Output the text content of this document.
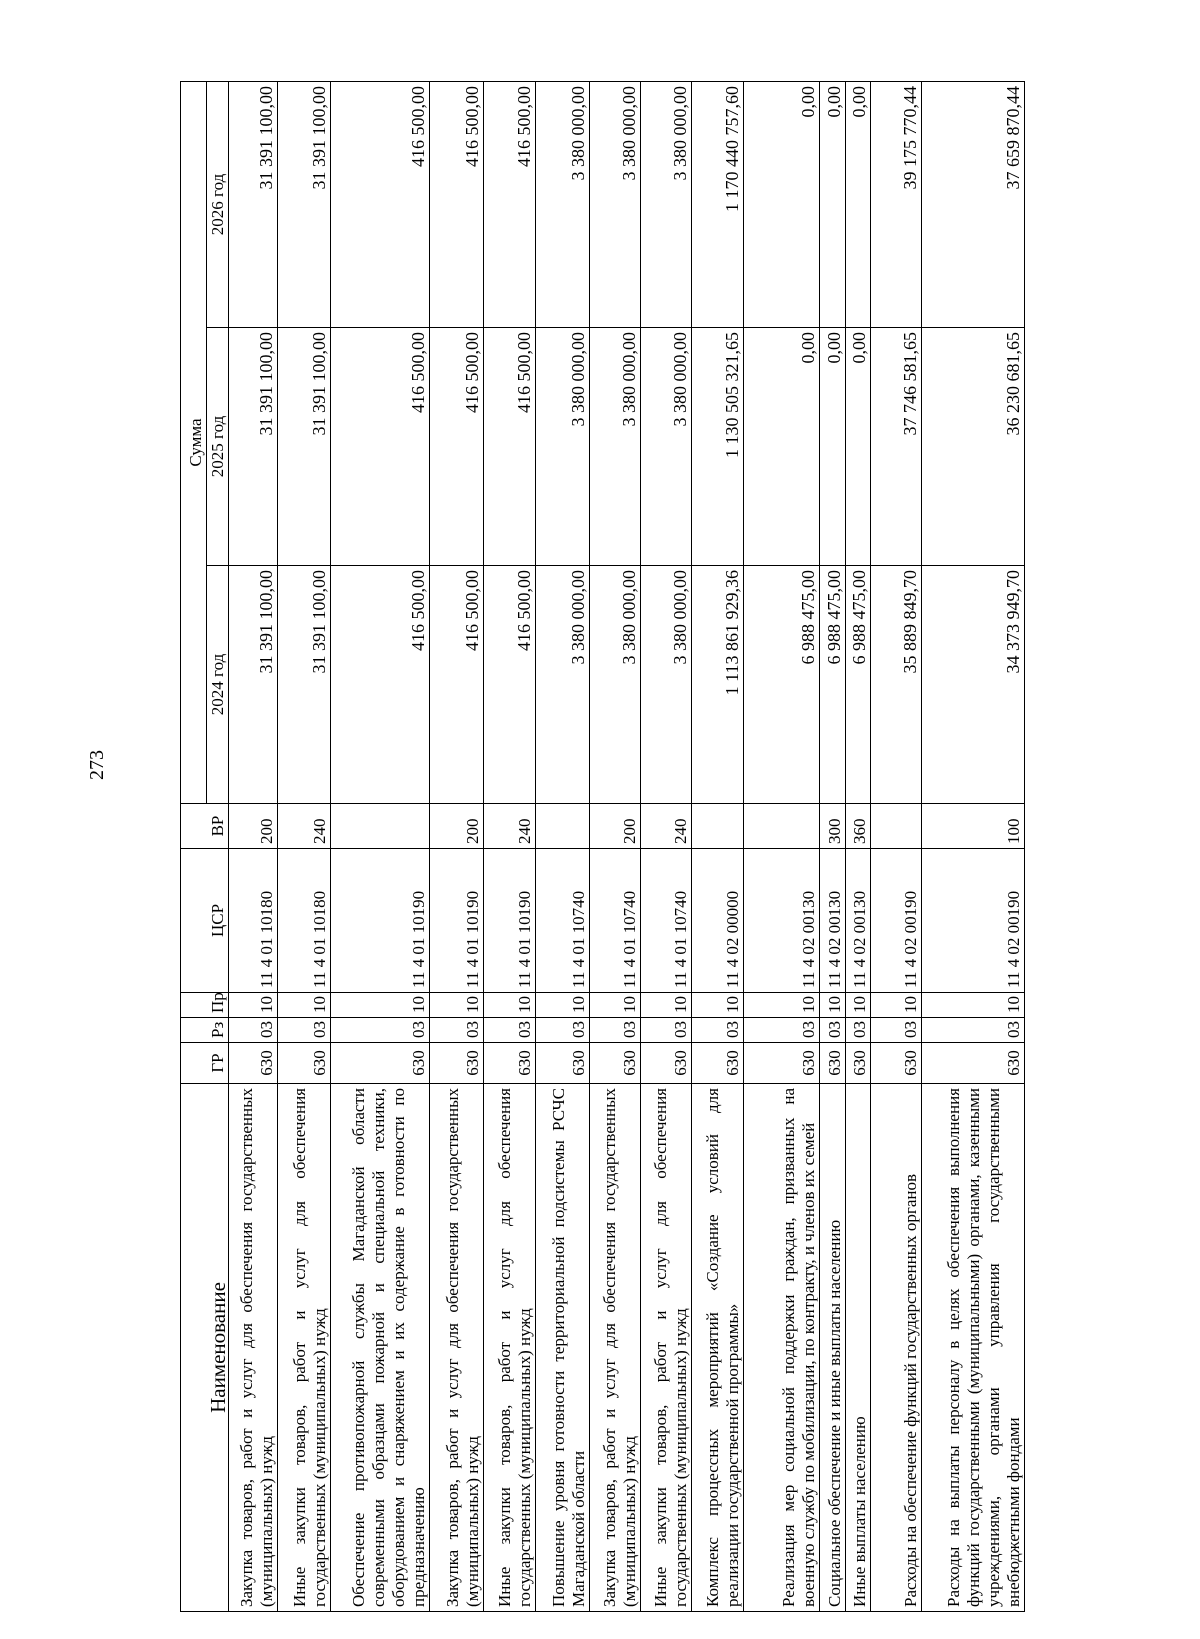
273
Наименование	ГР	Рз	Пр	ЦСР	ВР	Сумма		
						2024 год	2025 год	2026 год
Закупка товаров, работ и услуг для обеспечения государственных (муниципальных) нужд	630	03	10	11 4 01 10180	200	31 391 100,00	31 391 100,00	31 391 100,00
Иные закупки товаров, работ и услуг для обеспечения государственных (муниципальных) нужд	630	03	10	11 4 01 10180	240	31 391 100,00	31 391 100,00	31 391 100,00
Обеспечение противопожарной службы Магаданской области современными образцами пожарной и специальной техники, оборудованием и снаряжением и их содержание в готовности по предназначению	630	03	10	11 4 01 10190		416 500,00	416 500,00	416 500,00
Закупка товаров, работ и услуг для обеспечения государственных (муниципальных) нужд	630	03	10	11 4 01 10190	200	416 500,00	416 500,00	416 500,00
Иные закупки товаров, работ и услуг для обеспечения государственных (муниципальных) нужд	630	03	10	11 4 01 10190	240	416 500,00	416 500,00	416 500,00
Повышение уровня готовности территориальной подсистемы РСЧС Магаданской области	630	03	10	11 4 01 10740		3 380 000,00	3 380 000,00	3 380 000,00
Закупка товаров, работ и услуг для обеспечения государственных (муниципальных) нужд	630	03	10	11 4 01 10740	200	3 380 000,00	3 380 000,00	3 380 000,00
Иные закупки товаров, работ и услуг для обеспечения государственных (муниципальных) нужд	630	03	10	11 4 01 10740	240	3 380 000,00	3 380 000,00	3 380 000,00
Комплекс процессных мероприятий «Создание условий для реализации государственной программы»	630	03	10	11 4 02 00000		1 113 861 929,36	1 130 505 321,65	1 170 440 757,60
Реализация мер социальной поддержки граждан, призванных на военную службу по мобилизации, по контракту, и членов их семей	630	03	10	11 4 02 00130		6 988 475,00	0,00	0,00
Социальное обеспечение и иные выплаты населению	630	03	10	11 4 02 00130	300	6 988 475,00	0,00	0,00
Иные выплаты населению	630	03	10	11 4 02 00130	360	6 988 475,00	0,00	0,00
Расходы на обеспечение функций государственных органов	630	03	10	11 4 02 00190		35 889 849,70	37 746 581,65	39 175 770,44
Расходы на выплаты персоналу в целях обеспечения выполнения функций государственными (муниципальными) органами, казенными учреждениями, органами управления государственными внебюджетными фондами	630	03	10	11 4 02 00190	100	34 373 949,70	36 230 681,65	37 659 870,44
